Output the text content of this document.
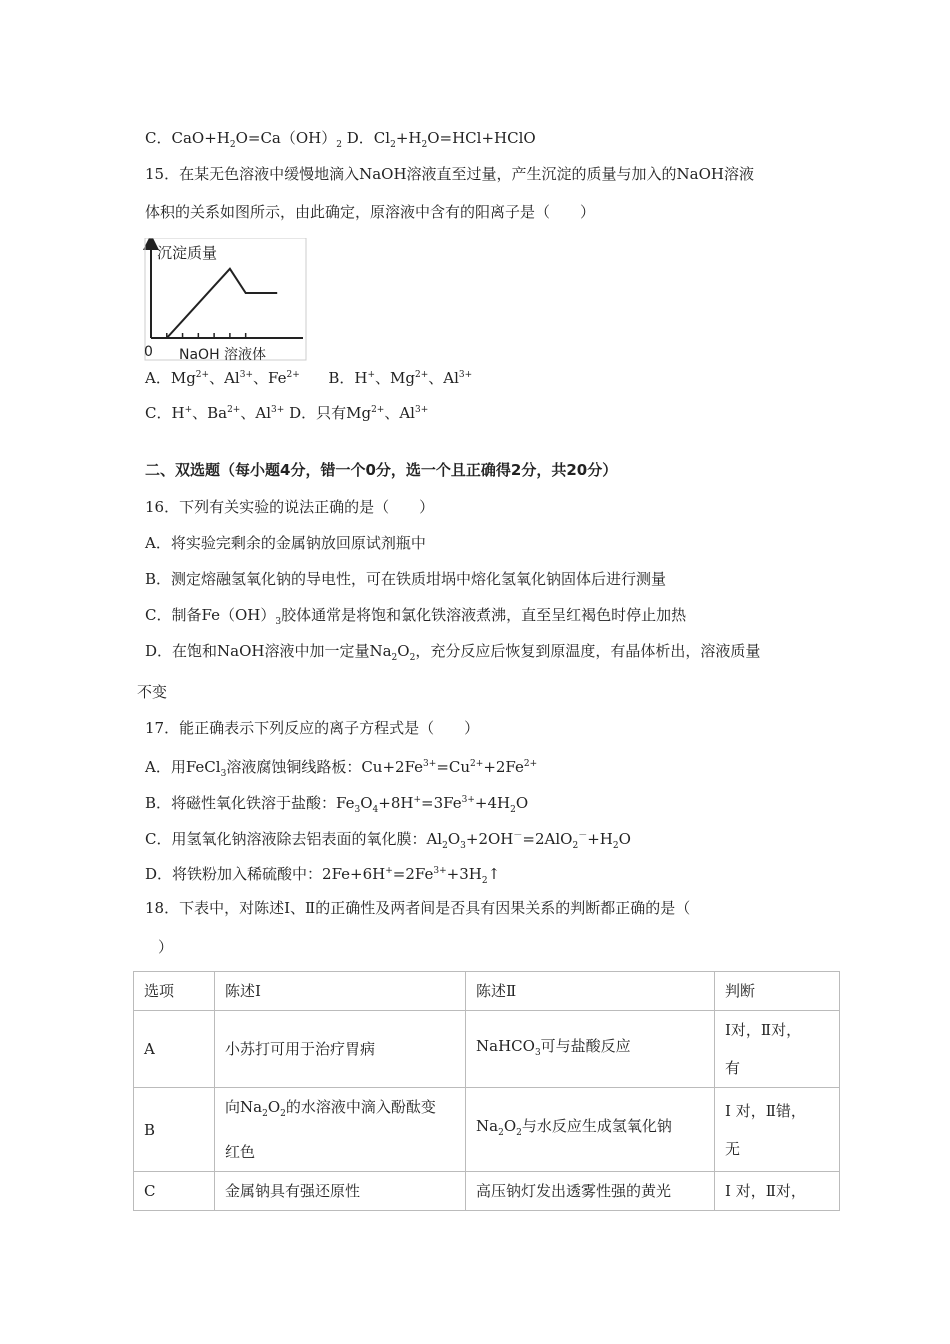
C．$CaO+H_2O=Ca(OH)_2$ D．$Cl_2+H_2O=HCl+HClO$
15．在某无色溶液中缓慢地滴入NaOH溶液直至过量，产生沉淀的质量与加入的NaOH溶液
体积的关系如图所示，由此确定，原溶液中含有的阳离子是（　　）
沉淀质量
0 NaOH 溶液体
A．$Mg^{2+}$、$Al^{3+}$、$Fe^{2+}$ B．H+、$Mg^{2+}$、$Al^{3+}$
C．H+、$Ba^{2+}$、$Al^{3+}$ D．只有$Mg^{2+}$、$Al^{3+}$
二、双选题（每小题4分，错一个0分，选一个且正确得2分，共20分）
16．下列有关实验的说法正确的是（　　）
A．将实验完剩余的金属钠放回原试剂瓶中
B．测定熔融氢氧化钠的导电性，可在铁质坩埚中熔化氢氧化钠固体后进行测量
C．制备$Fe(OH)_3$胶体通常是将饱和氯化铁溶液煮沸，直至呈红褐色时停止加热
D．在饱和NaOH溶液中加一定量$Na_2O_2$，充分反应后恢复到原温度，有晶体析出，溶液质量
不变
17．能正确表示下列反应的离子方程式是（　　）
A．用FeCl$_3$溶液腐蚀铜线路板：$Cu+2Fe^{3+}=Cu^{2+}+2Fe^{2+}$
B．将磁性氧化铁溶于盐酸：$Fe_3O_4+8H^+=3Fe^{3+}+4H_2O$
C．用氢氧化钠溶液除去铝表面的氧化膜：$Al_2O_3+2OH^-=2AlO_2^-+H_2O$
D．将铁粉加入稀硫酸中：$2Fe+6H^+=2Fe^{3+}+3H_2↑$
18．下表中，对陈述Ⅰ、Ⅱ的正确性及两者间是否具有因果关系的判断都正确的是（
）
选项	陈述Ⅰ	陈述Ⅱ	判断
A	小苏打可用于治疗胃病	NaHCO$_3$可与盐酸反应	Ⅰ对，Ⅱ对，
有
B	向$Na_2O_2$的水溶液中滴入酚酞变
红色	$Na_2O_2$与水反应生成氢氧化钠	Ⅰ 对，Ⅱ错，
无
C	金属钠具有强还原性	高压钠灯发出透雾性强的黄光	Ⅰ 对，Ⅱ对，
